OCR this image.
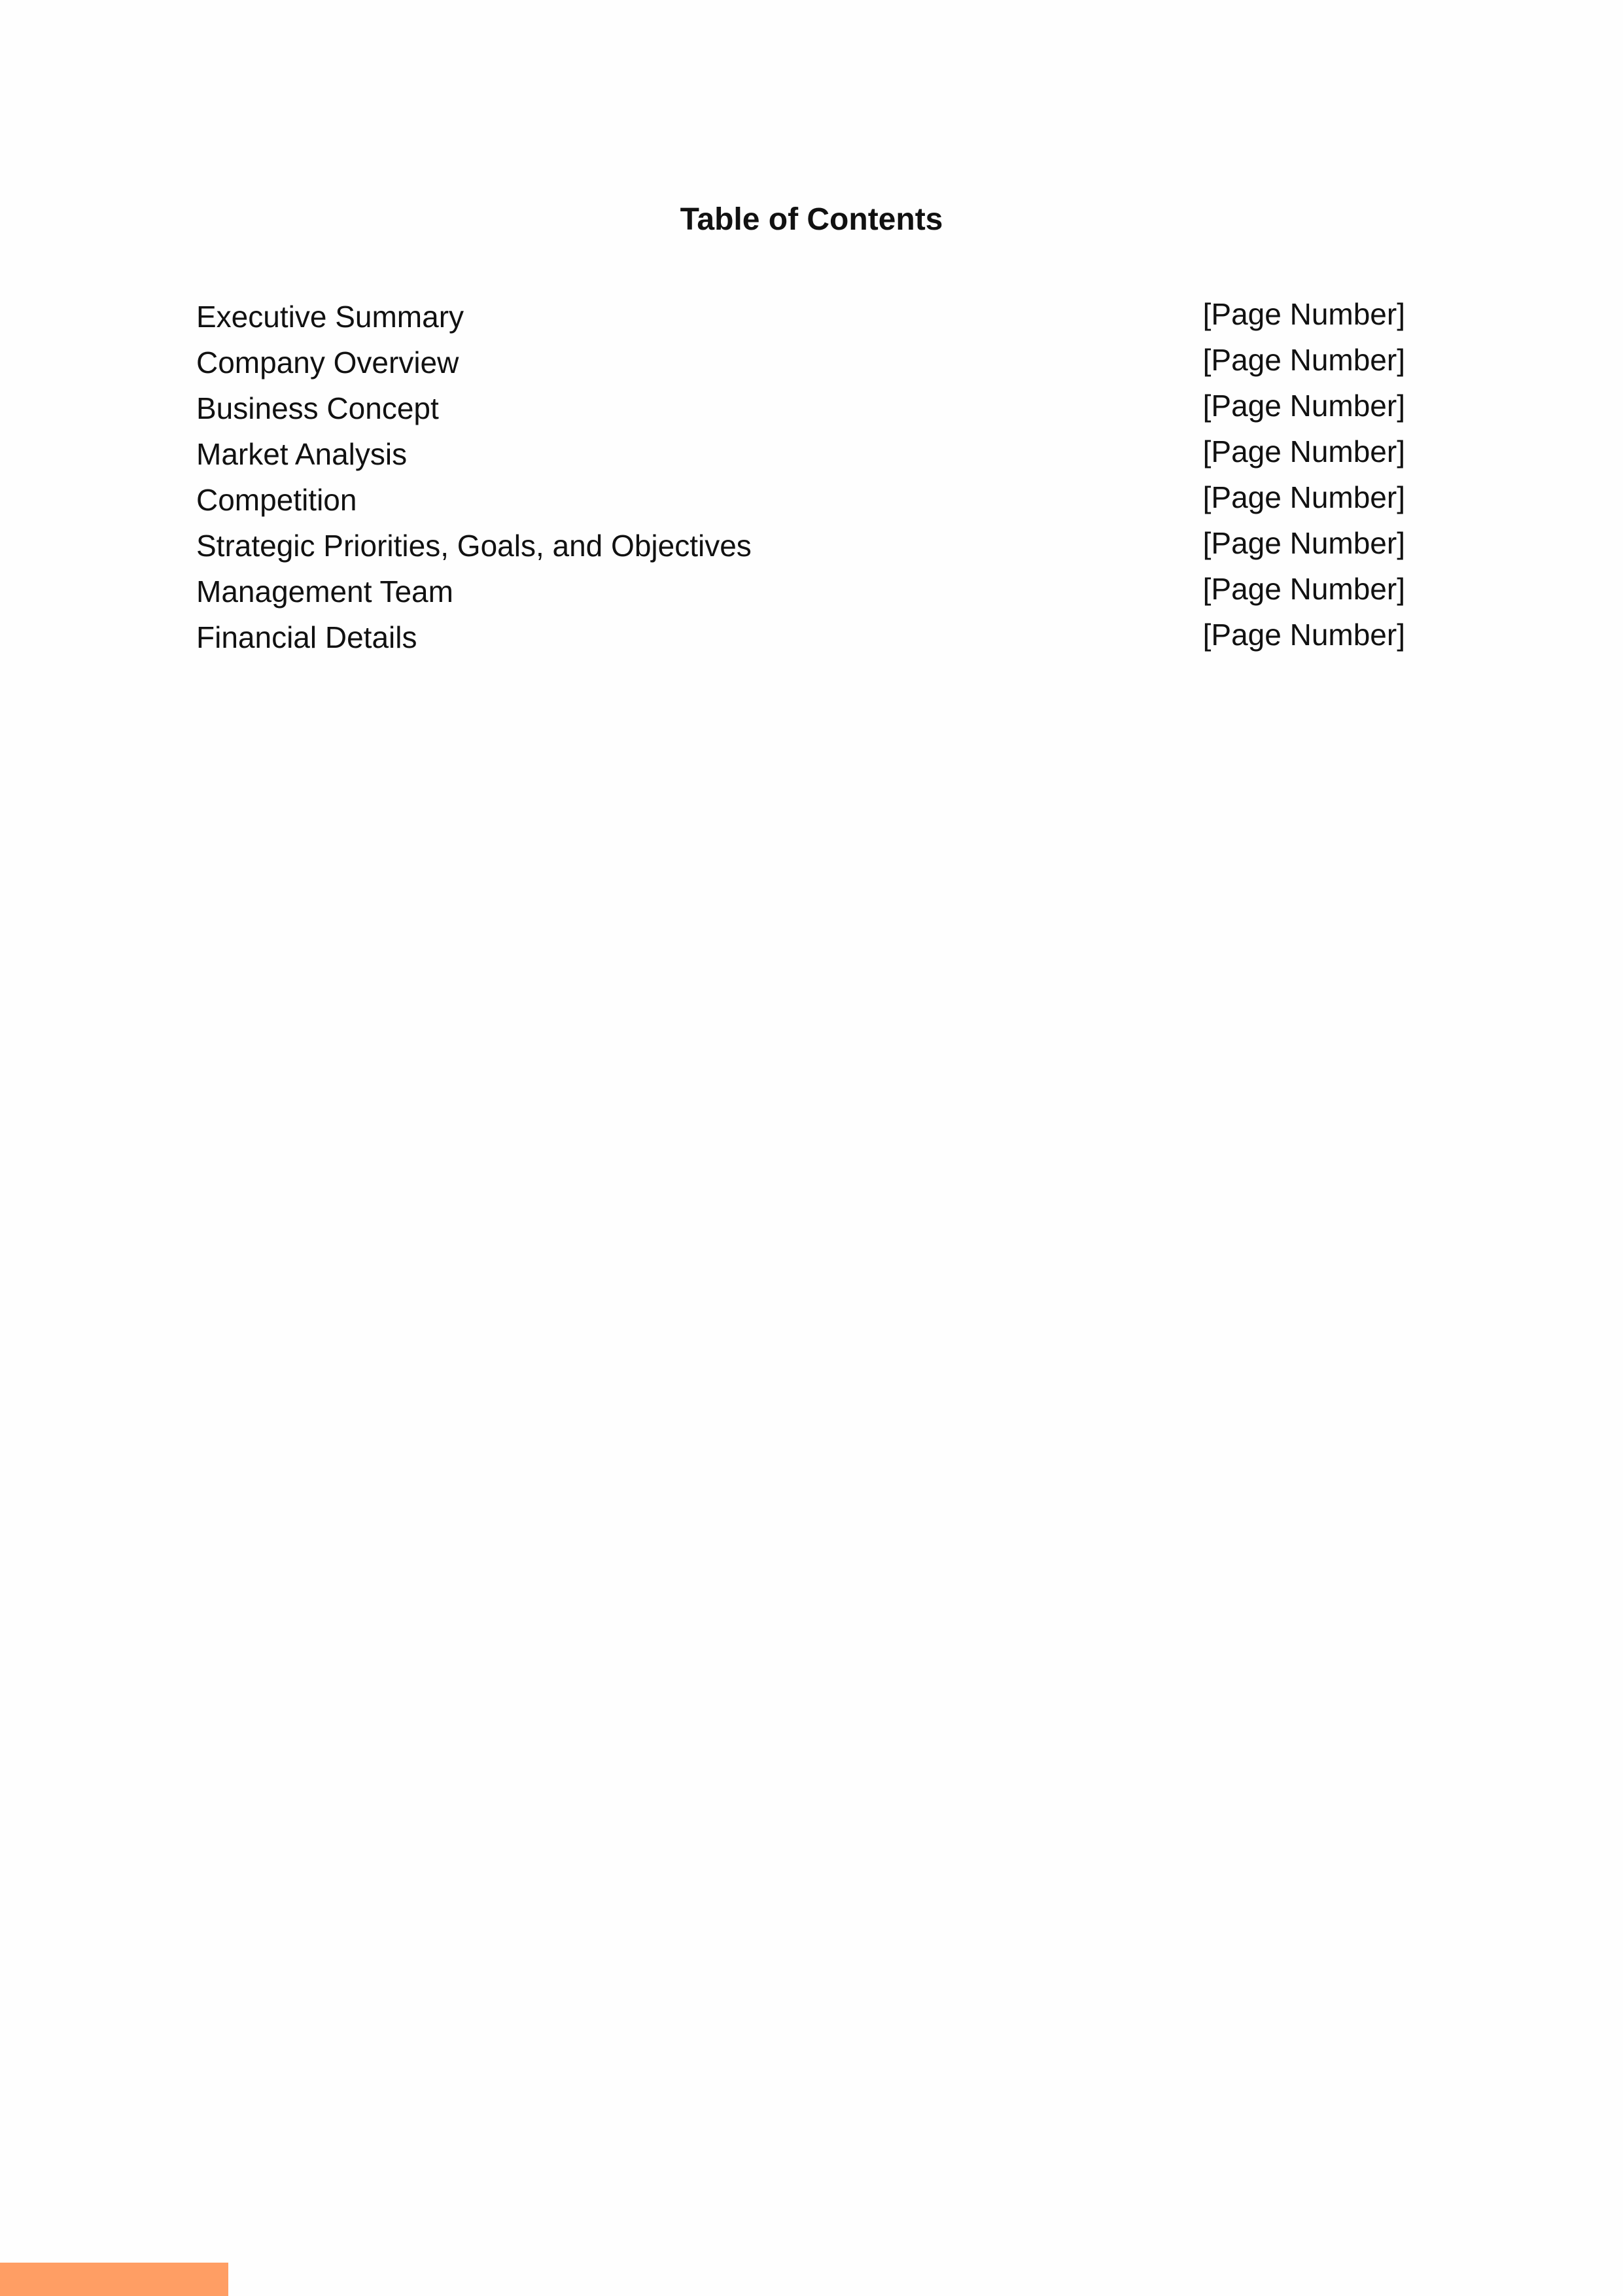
Table of Contents
Executive Summary	[Page Number]
Company Overview	[Page Number]
Business Concept	[Page Number]
Market Analysis	[Page Number]
Competition	[Page Number]
Strategic Priorities, Goals, and Objectives	[Page Number]
Management Team	[Page Number]
Financial Details	[Page Number]
